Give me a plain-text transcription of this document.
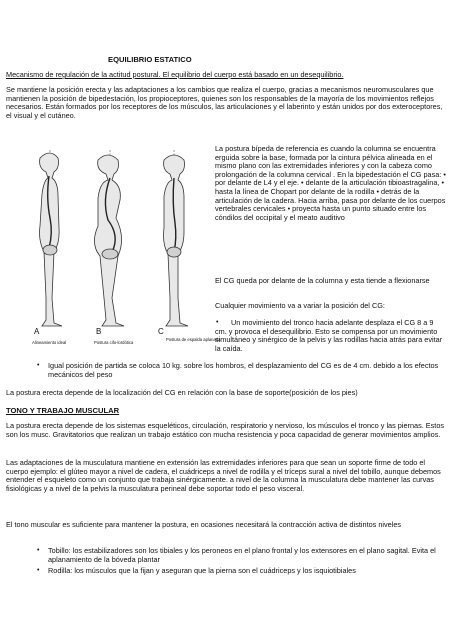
EQUILIBRIO ESTATICO

Mecanismo de regulación de la actitud postural. El equilibrio del cuerpo está basado en un desequilibrio.

Se mantiene la posición erecta y las adaptaciones a los cambios que realiza el cuerpo, gracias a mecanismos neuromusculares que mantienen la posición de bipedestación, los propioceptores, quienes son los responsables de la mayoría de los movimientos reflejos necesarios. Están formados por los receptores de los músculos, las articulaciones y el laberinto y están unidos por dos exteroceptores, el visual y el cutáneo.

A	B	C
Alineamiento ideal	Postura cifo-lordótica
Postura de espalda aplanada

La postura bípeda de referencia es cuando la columna se encuentra erguida sobre la base, formada por la cintura pélvica alineada en el mismo plano con las extremidades inferiores y con la cabeza como prolongación de la columna cervical . En la bipedestación el CG pasa: • por delante de L4 y el eje. • delante de la articulación tibioastragalina, • hasta la línea de Chopart por delante de la rodilla • detrás de la articulación de la cadera. Hacia arriba, pasa por delante de los cuerpos vertebrales cervicales • proyecta hasta un punto situado entre los cóndilos del occipital y el meato auditivo

El CG queda por delante de la columna y esta tiende a flexionarse

Cualquier movimiento va a variar la posición del CG:

•	Un movimiento del tronco hacia adelante desplaza el CG 8 a 9 cm. y provoca el desequilibrio. Esto se compensa por un movimiento simultáneo y sinérgico de la pelvis y las rodillas hacia atrás para evitar la caída.

• Igual posición de partida se coloca 10 kg. sobre los hombros, el desplazamiento del CG es de 4 cm. debido a los efectos mecánicos del peso

La postura erecta depende de la localización del CG en relación con la base de soporte(posición de los pies)

TONO Y TRABAJO MUSCULAR

La postura erecta depende de los sistemas esqueléticos, circulación, respiratorio y nervioso, los músculos el tronco y las piernas. Estos son los musc. Gravitatorios que realizan un trabajo estático con mucha resistencia y poca capacidad de generar movimientos amplios.

Las adaptaciones de la musculatura mantiene en extensión las extremidades inferiores para que sean un soporte firme de todo el cuerpo ejemplo: el glúteo mayor a nivel de cadera, el cuádriceps a nivel de rodilla y el tríceps sural a nivel del tobillo, aunque debemos entender el esqueleto como un conjunto que trabaja sinérgicamente. a nivel de la columna la musculatura debe mantener las curvas fisiológicas y a nivel de la pelvis la musculatura perineal debe soportar todo el peso visceral.

El tono muscular es suficiente para mantener la postura, en ocasiones necesitará la contracción activa de distintos niveles

• Tobillo: los estabilizadores son los tibiales y los peroneos en el plano frontal y los extensores en el plano sagital. Evita el aplanamiento de la bóveda plantar

• Rodilla: los músculos que la fijan y aseguran que la pierna son el cuádriceps y los isquiotibiales
